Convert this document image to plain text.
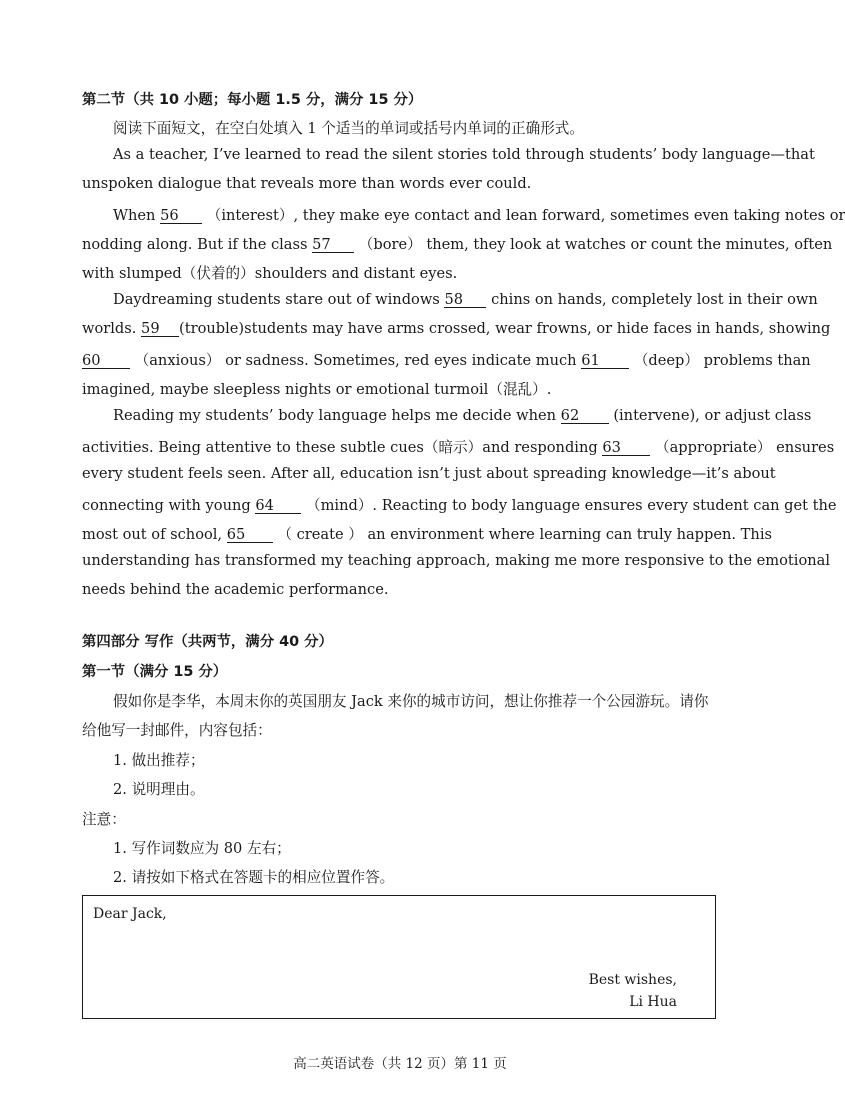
第二节（共 10 小题；每小题 1.5 分，满分 15 分）
阅读下面短文，在空白处填入 1 个适当的单词或括号内单词的正确形式。
As a teacher, I’ve learned to read the silent stories told through students’ body language—that
unspoken dialogue that reveals more than words ever could.
When 56 （interest）, they make eye contact and lean forward, sometimes even taking notes or
nodding along. But if the class 57 （bore） them, they look at watches or count the minutes, often
with slumped（伏着的）shoulders and distant eyes.
Daydreaming students stare out of windows 58 chins on hands, completely lost in their own
worlds. 59 (trouble)students may have arms crossed, wear frowns, or hide faces in hands, showing
60 （anxious） or sadness. Sometimes, red eyes indicate much 61 （deep） problems than
imagined, maybe sleepless nights or emotional turmoil（混乱）.
Reading my students’ body language helps me decide when 62 (intervene), or adjust class
activities. Being attentive to these subtle cues（暗示）and responding 63 （appropriate） ensures
every student feels seen. After all, education isn’t just about spreading knowledge—it’s about
connecting with young 64 （mind）. Reacting to body language ensures every student can get the
most out of school, 65 （ create ） an environment where learning can truly happen. This
understanding has transformed my teaching approach, making me more responsive to the emotional
needs behind the academic performance.
第四部分 写作（共两节，满分 40 分）
第一节（满分 15 分）
假如你是李华，本周末你的英国朋友 Jack 来你的城市访问，想让你推荐一个公园游玩。请你
给他写一封邮件，内容包括：
1. 做出推荐；
2. 说明理由。
注意：
1. 写作词数应为 80 左右；
2. 请按如下格式在答题卡的相应位置作答。
Dear Jack,
Best wishes,
Li Hua
高二英语试卷（共 12 页）第 11 页
